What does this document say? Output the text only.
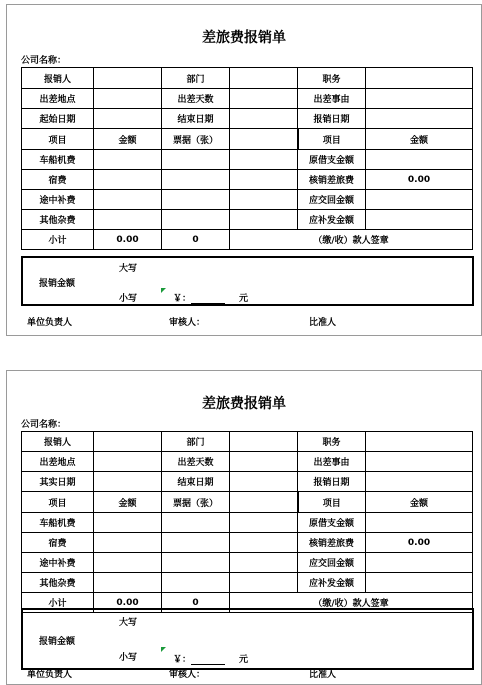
差旅费报销单
公司名称：
报销人		部门		职务	
出差地点		出差天数		出差事由	
起始日期		结束日期		报销日期	
项目	金额	票据（张）		项目	金额
车船机费				原借支金额	
宿费				核销差旅费	0.00
途中补费				应交回金额	
其他杂费				应补发金额	
小计	0.00	0	（缴/收）款人签章		
报销金额
大写
小写	￥：	元
单位负责人	审核人：	比准人
差旅费报销单
公司名称：
报销人		部门		职务	
出差地点		出差天数		出差事由	
其实日期		结束日期		报销日期	
项目	金额	票据（张）		项目	金额
车船机费				原借支金额	
宿费				核销差旅费	0.00
途中补费				应交回金额	
其他杂费				应补发金额	
小计	0.00	0	（缴/收）款人签章		
报销金额
大写
小写	￥：	元
单位负责人	审核人：	比准人
